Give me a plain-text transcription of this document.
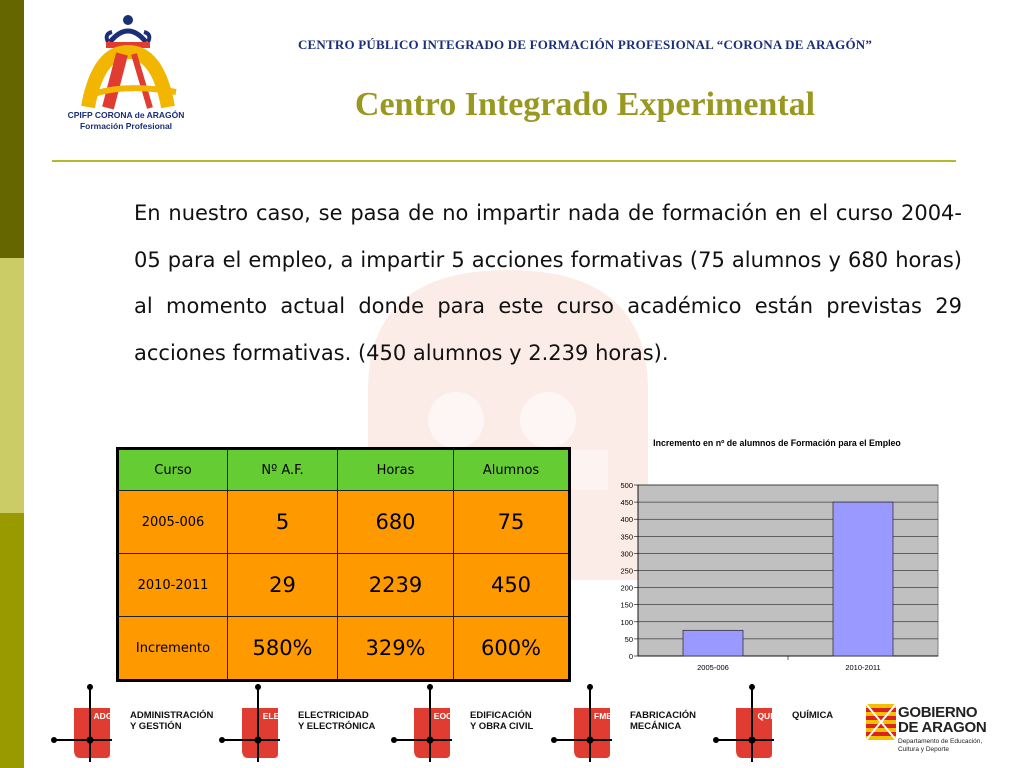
CPIFP CORONA de ARAGÓN
Formación Profesional
CENTRO PÚBLICO INTEGRADO DE FORMACIÓN PROFESIONAL “CORONA DE ARAGÓN”
Centro Integrado Experimental
En nuestro caso, se pasa de no impartir nada de formación en el curso 2004-05 para el empleo, a impartir 5 acciones formativas (75 alumnos y 680 horas) al momento actual donde para este curso académico están previstas 29 acciones formativas. (450 alumnos y 2.239 horas).
Curso	Nº A.F.	Horas	Alumnos
2005-006	5	680	75
2010-2011	29	2239	450
Incremento	580%	329%	600%
Incremento en nº de alumnos de Formación para el Empleo
0
50
100
150
200
250
300
350
400
450
500
2005-006	2010-2011
ADG ADMINISTRACIÓN
Y GESTIÓN
ELE ELECTRICIDAD
Y ELECTRÓNICA
EOC EDIFICACIÓN
Y OBRA CIVIL
FME FABRICACIÓN
MECÁNICA
QUI QUÍMICA	GOBIERNO
DE ARAGON
Departamento de Educación,
Cultura y Deporte
